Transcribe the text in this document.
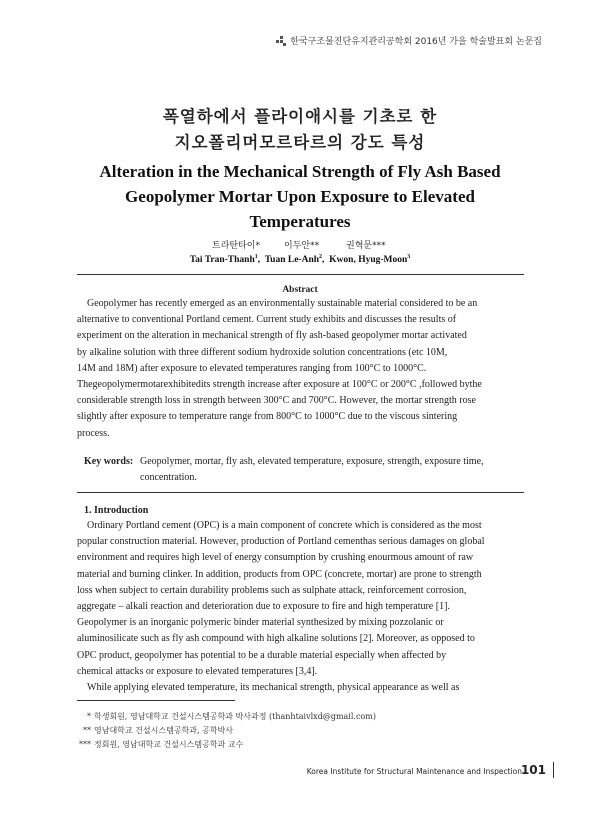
한국구조물진단유지관리공학회 2016년 가을 학술발표회 논문집
폭열하에서 플라이애시를 기초로 한
지오폴리머모르타르의 강도 특성
Alteration in the Mechanical Strength of Fly Ash Based
Geopolymer Mortar Upon Exposure to Elevated
Temperatures
트라탄타이*	이두안**	권혁문***
Tai Tran-Thanh$^1$,  Tuan Le-Anh$^2$,  Kwon, Hyug-Moon$^3$
Abstract
Geopolymer has recently emerged as an environmentally sustainable material considered to be an
alternative to conventional Portland cement. Current study exhibits and discusses the results of
experiment on the alteration in mechanical strength of fly ash-based geopolymer mortar activated
by alkaline solution with three different sodium hydroxide solution concentrations (etc 10M,
14M and 18M) after exposure to elevated temperatures ranging from 100°C to 1000°C.
Thegeopolymermotarexhibitedits strength increase after exposure at 100°C or 200°C ,followed bythe
considerable strength loss in strength between 300°C and 700°C. However, the mortar strength rose
slightly after exposure to temperature range from 800°C to 1000°C due to the viscous sintering
process.
Key words: Geopolymer, mortar, fly ash, elevated temperature, exposure, strength, exposure time,
concentration.
1. Introduction
Ordinary Portland cement (OPC) is a main component of concrete which is considered as the most
popular construction material. However, production of Portland cementhas serious damages on global
environment and requires high level of energy consumption by crushing enourmous amount of raw
material and burning clinker. In addition, products from OPC (concrete, mortar) are prone to strength
loss when subject to certain durability problems such as sulphate attack, reinforcement corrosion,
aggregate – alkali reaction and deterioration due to exposure to fire and high temperature [1].
Geopolymer is an inorganic polymeric binder material synthesized by mixing pozzolanic or
aluminosilicate such as fly ash compound with high alkaline solutions [2]. Moreover, as opposed to
OPC product, geopolymer has potential to be a durable material especially when affected by
chemical attacks or exposure to elevated temperatures [3,4].
While applying elevated temperature, its mechanical strength, physical appearance as well as
* 학생회원, 영남대학교 건설시스템공학과 박사과정 (thanhtaivlxd@gmail.com)
** 영남대학교 건설시스템공학과, 공학박사
*** 정회원, 영남대학교 건설시스템공학과 교수
Korea Institute for Structural Maintenance and Inspection
101
